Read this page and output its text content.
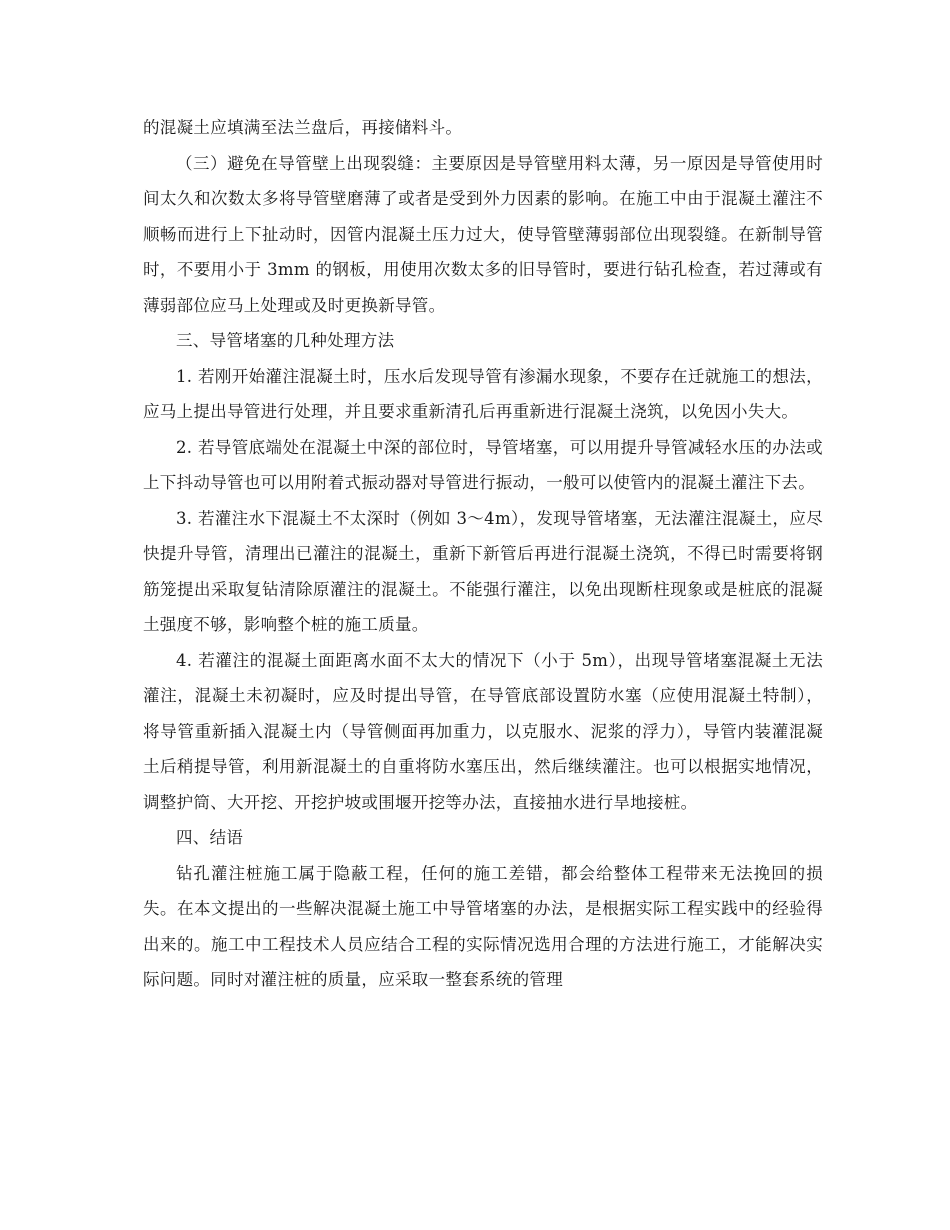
的混凝土应填满至法兰盘后，再接储料斗。

（三）避免在导管壁上出现裂缝：主要原因是导管壁用料太薄，另一原因是导管使用时间太久和次数太多将导管壁磨薄了或者是受到外力因素的影响。在施工中由于混凝土灌注不顺畅而进行上下扯动时，因管内混凝土压力过大，使导管壁薄弱部位出现裂缝。在新制导管时，不要用小于 3mm 的钢板，用使用次数太多的旧导管时，要进行钻孔检查，若过薄或有薄弱部位应马上处理或及时更换新导管。

三、导管堵塞的几种处理方法

1. 若刚开始灌注混凝土时，压水后发现导管有渗漏水现象，不要存在迁就施工的想法，应马上提出导管进行处理，并且要求重新清孔后再重新进行混凝土浇筑，以免因小失大。

2. 若导管底端处在混凝土中深的部位时，导管堵塞，可以用提升导管减轻水压的办法或上下抖动导管也可以用附着式振动器对导管进行振动，一般可以使管内的混凝土灌注下去。

3. 若灌注水下混凝土不太深时（例如 3～4m），发现导管堵塞，无法灌注混凝土，应尽快提升导管，清理出已灌注的混凝土，重新下新管后再进行混凝土浇筑，不得已时需要将钢筋笼提出采取复钻清除原灌注的混凝土。不能强行灌注，以免出现断柱现象或是桩底的混凝土强度不够，影响整个桩的施工质量。

4. 若灌注的混凝土面距离水面不太大的情况下（小于 5m），出现导管堵塞混凝土无法灌注，混凝土未初凝时，应及时提出导管，在导管底部设置防水塞（应使用混凝土特制），将导管重新插入混凝土内（导管侧面再加重力，以克服水、泥浆的浮力），导管内装灌混凝土后稍提导管，利用新混凝土的自重将防水塞压出，然后继续灌注。也可以根据实地情况，调整护筒、大开挖、开挖护坡或围堰开挖等办法，直接抽水进行旱地接桩。

四、结语

钻孔灌注桩施工属于隐蔽工程，任何的施工差错，都会给整体工程带来无法挽回的损失。在本文提出的一些解决混凝土施工中导管堵塞的办法，是根据实际工程实践中的经验得出来的。施工中工程技术人员应结合工程的实际情况选用合理的方法进行施工，才能解决实际问题。同时对灌注桩的质量，应采取一整套系统的管理
